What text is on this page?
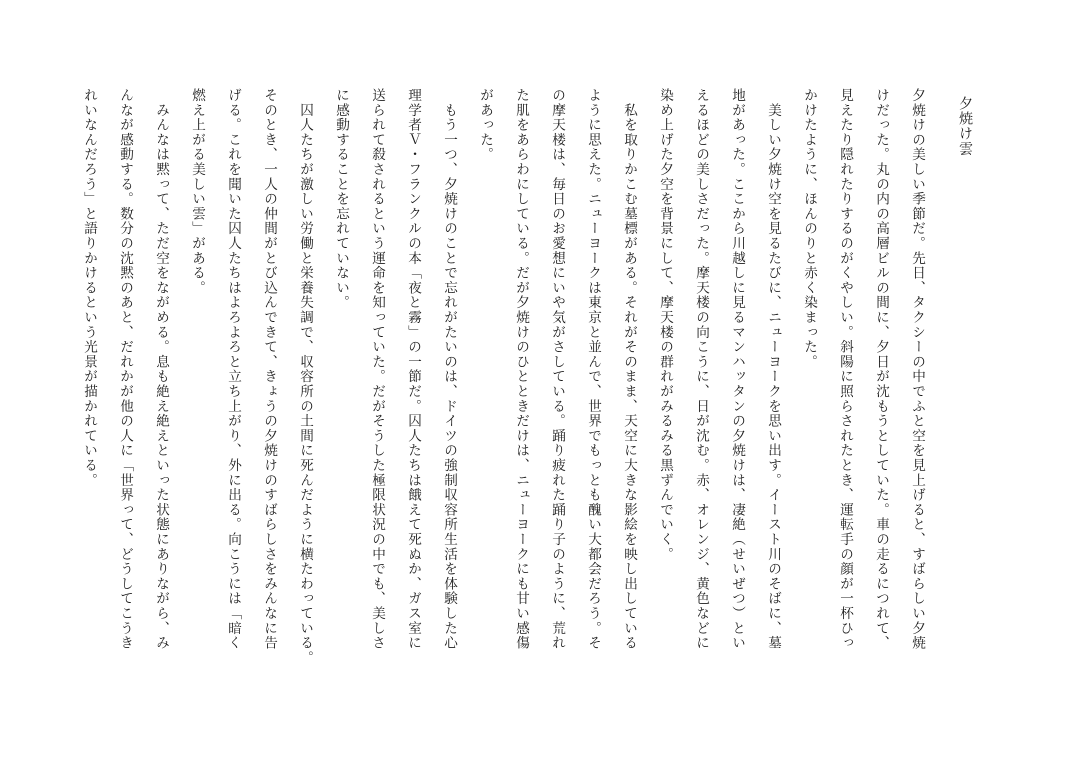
夕焼け雲
夕焼けの美しい季節だ。先日、タクシーの中でふと空を見上げると、すばらしい夕焼
けだった。丸の内の高層ビルの間に、夕日が沈もうとしていた。車の走るにつれて、
見えたり隠れたりするのがくやしい。斜陽に照らされたとき、運転手の顔が一杯ひっ
かけたように、ほんのりと赤く染まった。
　美しい夕焼け空を見るたびに、ニューヨークを思い出す。イースト川のそばに、墓
地があった。ここから川越しに見るマンハッタンの夕焼けは、凄絶（せいぜつ）とい
えるほどの美しさだった。摩天楼の向こうに、日が沈む。赤、オレンジ、黄色などに
染め上げた夕空を背景にして、摩天楼の群れがみるみる黒ずんでいく。
　私を取りかこむ墓標がある。それがそのまま、天空に大きな影絵を映し出している
ように思えた。ニューヨークは東京と並んで、世界でもっとも醜い大都会だろう。そ
の摩天楼は、毎日のお愛想にいや気がさしている。踊り疲れた踊り子のように、荒れ
た肌をあらわにしている。だが夕焼けのひとときだけは、ニューヨークにも甘い感傷
があった。
　もう一つ、夕焼けのことで忘れがたいのは、ドイツの強制収容所生活を体験した心
理学者Ｖ・フランクルの本「夜と霧」の一節だ。囚人たちは餓えて死ぬか、ガス室に
送られて殺されるという運命を知っていた。だがそうした極限状況の中でも、美しさ
に感動することを忘れていない。
　囚人たちが激しい労働と栄養失調で、収容所の土間に死んだように横たわっている。
そのとき、一人の仲間がとび込んできて、きょうの夕焼けのすばらしさをみんなに告
げる。これを聞いた囚人たちはよろよろと立ち上がり、外に出る。向こうには「暗く
燃え上がる美しい雲」がある。
　みんなは黙って、ただ空をながめる。息も絶え絶えといった状態にありながら、み
んなが感動する。数分の沈黙のあと、だれかが他の人に「世界って、どうしてこうき
れいなんだろう」と語りかけるという光景が描かれている。
